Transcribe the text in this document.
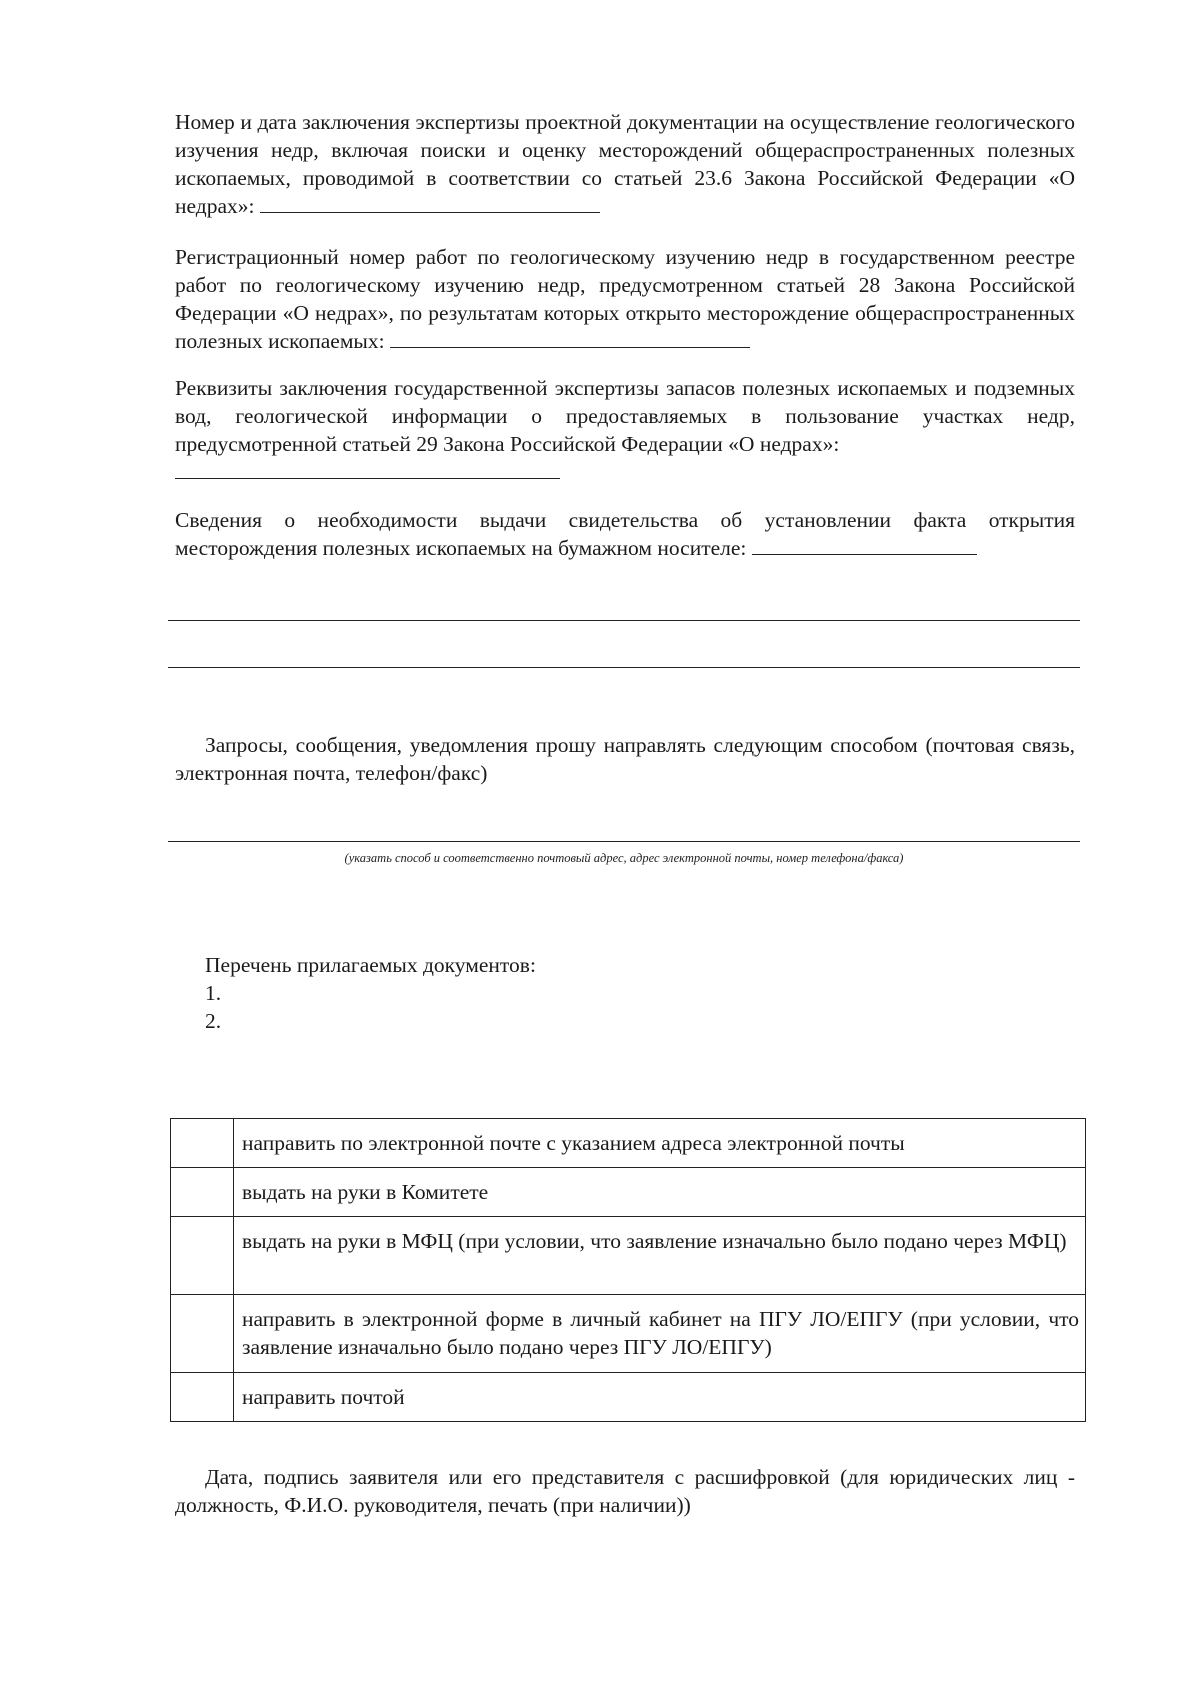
Номер и дата заключения экспертизы проектной документации на осуществление геологического изучения недр, включая поиски и оценку месторождений общераспространенных полезных ископаемых, проводимой в соответствии со статьей 23.6 Закона Российской Федерации «О недрах»:

Регистрационный номер работ по геологическому изучению недр в государственном реестре работ по геологическому изучению недр, предусмотренном статьей 28 Закона Российской Федерации «О недрах», по результатам которых открыто месторождение общераспространенных полезных ископаемых:

Реквизиты заключения государственной экспертизы запасов полезных ископаемых и подземных вод, геологической информации о предоставляемых в пользование участках недр, предусмотренной статьей 29 Закона Российской Федерации «О недрах»:

Сведения о необходимости выдачи свидетельства об установлении факта открытия месторождения полезных ископаемых на бумажном носителе:

Запросы, сообщения, уведомления прошу направлять следующим способом (почтовая связь, электронная почта, телефон/факс)

(указать способ и соответственно почтовый адрес, адрес электронной почты, номер телефона/факса)
Перечень прилагаемых документов:
1.
2.
	направить по электронной почте с указанием адреса электронной почты
	выдать на руки в Комитете
	выдать на руки в МФЦ (при условии, что заявление изначально было подано через МФЦ)
	направить в электронной форме в личный кабинет на ПГУ ЛО/ЕПГУ (при условии, что заявление изначально было подано через ПГУ ЛО/ЕПГУ)
	направить почтой

Дата, подпись заявителя или его представителя с расшифровкой (для юридических лиц - должность, Ф.И.О. руководителя, печать (при наличии))
